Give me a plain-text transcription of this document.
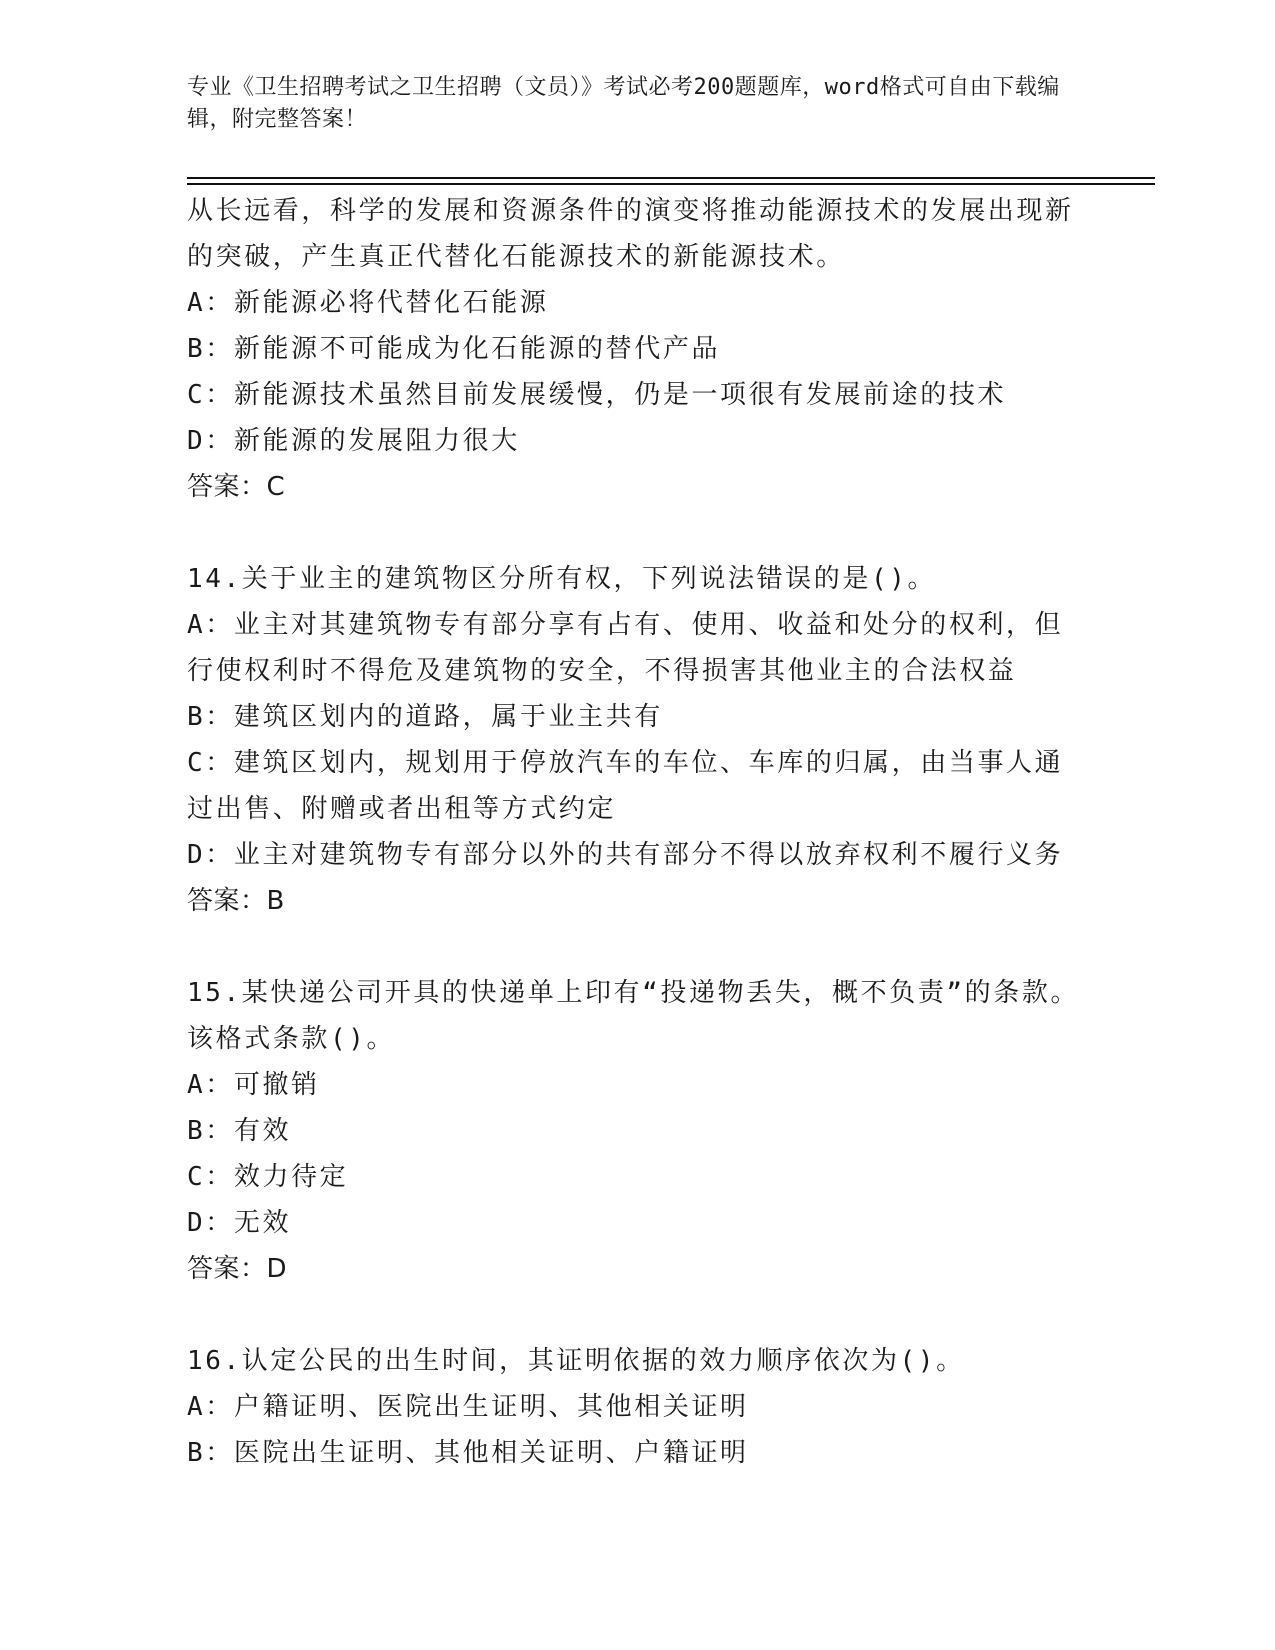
专业《卫生招聘考试之卫生招聘（文员）》考试必考200题题库，word格式可自由下载编辑，附完整答案！

从长远看，科学的发展和资源条件的演变将推动能源技术的发展出现新的突破，产生真正代替化石能源技术的新能源技术。

A：新能源必将代替化石能源

B：新能源不可能成为化石能源的替代产品

C：新能源技术虽然目前发展缓慢，仍是一项很有发展前途的技术

D：新能源的发展阻力很大

答案：C

14.关于业主的建筑物区分所有权，下列说法错误的是()。

A：业主对其建筑物专有部分享有占有、使用、收益和处分的权利，但行使权利时不得危及建筑物的安全，不得损害其他业主的合法权益

B：建筑区划内的道路，属于业主共有

C：建筑区划内，规划用于停放汽车的车位、车库的归属，由当事人通过出售、附赠或者出租等方式约定

D：业主对建筑物专有部分以外的共有部分不得以放弃权利不履行义务

答案：B

15.某快递公司开具的快递单上印有“投递物丢失，概不负责”的条款。该格式条款()。

A：可撤销

B：有效

C：效力待定

D：无效

答案：D

16.认定公民的出生时间，其证明依据的效力顺序依次为()。

A：户籍证明、医院出生证明、其他相关证明

B：医院出生证明、其他相关证明、户籍证明
